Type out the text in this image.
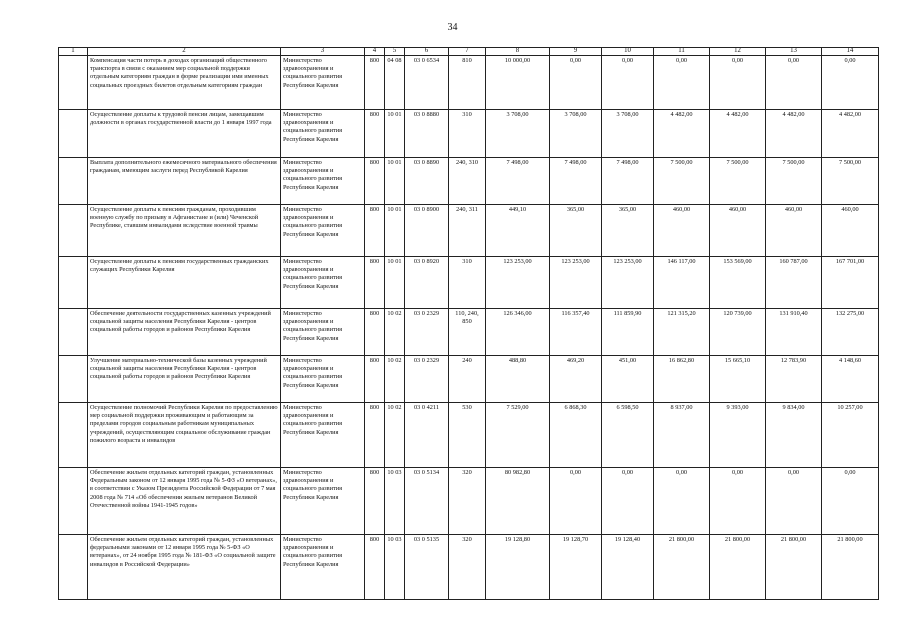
34
1	2	3	4	5	6	7	8	9	10	11	12	13	14
	Компенсация части потерь в доходах организаций общественного транспорта в связи с оказанием мер социальной поддержки отдельным категориям граждан в форме реализации ими именных социальных проездных билетов отдельным категориям граждан	Министерство здравоохранения и социального развития Республики Карелия	800	04 08	03 0 6534	810	10 000,00	0,00	0,00	0,00	0,00	0,00	0,00
	Осуществление доплаты к трудовой пенсии лицам, замещавшим должности в органах государственной власти до 1 января 1997 года	Министерство здравоохранения и социального развития Республики Карелия	800	10 01	03 0 8880	310	3 708,00	3 708,00	3 708,00	4 482,00	4 482,00	4 482,00	4 482,00
	Выплата дополнительного ежемесячного материального обеспечения гражданам, имеющим заслуги перед Республикой Карелия	Министерство здравоохранения и социального развития Республики Карелия	800	10 01	03 0 8890	240, 310	7 498,00	7 498,00	7 498,00	7 500,00	7 500,00	7 500,00	7 500,00
	Осуществление доплаты к пенсиям гражданам, проходившим военную службу по призыву в Афганистане и (или) Чеченской Республике, ставшим инвалидами вследствие военной травмы	Министерство здравоохранения и социального развития Республики Карелия	800	10 01	03 0 8900	240, 311	449,10	365,00	365,00	460,00	460,00	460,00	460,00
	Осуществление доплаты к пенсиям государственных гражданских служащих Республики Карелия	Министерство здравоохранения и социального развития Республики Карелия	800	10 01	03 0 8920	310	123 253,00	123 253,00	123 253,00	146 117,00	153 569,00	160 787,00	167 701,00
	Обеспечение деятельности государственных казенных учреждений социальной защиты населения Республики Карелия - центров социальной работы городов и районов Республики Карелия	Министерство здравоохранения и социального развития Республики Карелия	800	10 02	03 0 2329	110, 240, 850	126 346,00	116 357,40	111 859,90	121 315,20	120 739,00	131 910,40	132 275,00
	Улучшение материально-технической базы казенных учреждений социальной защиты населения Республики Карелия - центров социальной работы городов и районов Республики Карелия	Министерство здравоохранения и социального развития Республики Карелия	800	10 02	03 0 2329	240	488,80	469,20	451,00	16 862,80	15 665,10	12 783,90	4 148,60
	Осуществление полномочий Республики Карелия по предоставлению мер социальной поддержки проживающим и работающим за пределами городов социальным работникам муниципальных учреждений, осуществляющим социальное обслуживание граждан пожилого возраста и инвалидов	Министерство здравоохранения и социального развития Республики Карелия	800	10 02	03 0 4211	530	7 529,00	6 868,30	6 598,50	8 937,00	9 393,00	9 834,00	10 257,00
	Обеспечение жильем отдельных категорий граждан, установленных Федеральным законом от 12 января 1995 года № 5-ФЗ «О ветеранах», в соответствии с Указом Президента Российской Федерации от 7 мая 2008 года № 714 «Об обеспечении жильем ветеранов Великой Отечественной войны 1941-1945 годов»	Министерство здравоохранения и социального развития Республики Карелия	800	10 03	03 0 5134	320	80 982,80	0,00	0,00	0,00	0,00	0,00	0,00
	Обеспечение жильем отдельных категорий граждан, установленных федеральными законами от 12 января 1995 года № 5-ФЗ «О ветеранах», от 24 ноября 1995 года № 181-ФЗ «О социальной защите инвалидов в Российской Федерации»	Министерство здравоохранения и социального развития Республики Карелия	800	10 03	03 0 5135	320	19 128,80	19 128,70	19 128,40	21 800,00	21 800,00	21 800,00	21 800,00
